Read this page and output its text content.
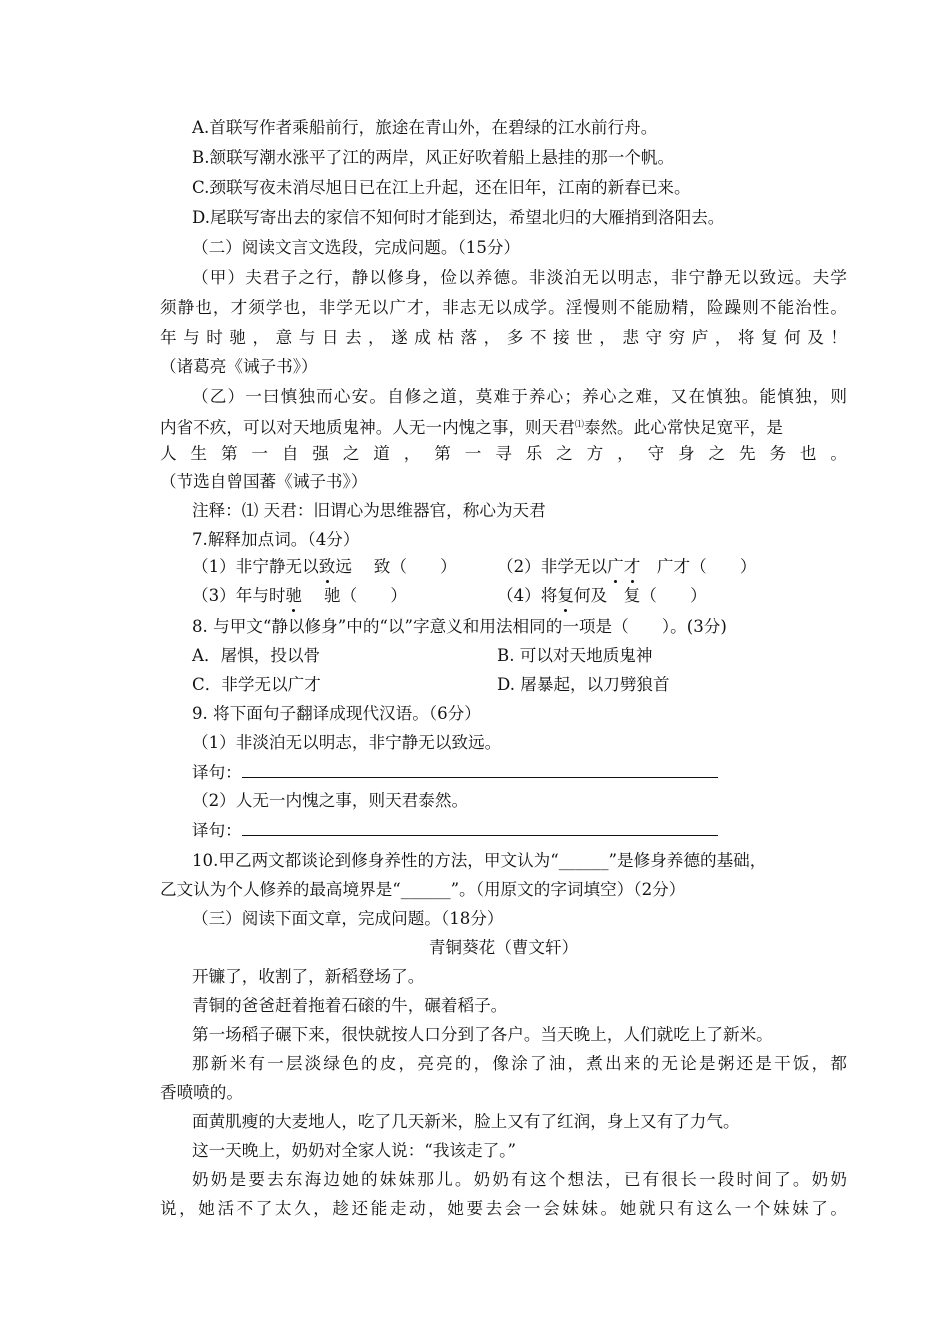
A.首联写作者乘船前行，旅途在青山外，在碧绿的江水前行舟。
B.颔联写潮水涨平了江的两岸，风正好吹着船上悬挂的那一个帆。
C.颈联写夜未消尽旭日已在江上升起，还在旧年，江南的新春已来。
D.尾联写寄出去的家信不知何时才能到达，希望北归的大雁捎到洛阳去。
（二）阅读文言文选段，完成问题。（15分）
（甲）夫君子之行，静以修身，俭以养德。非淡泊无以明志，非宁静无以致远。夫学
须静也，才须学也，非学无以广才，非志无以成学。淫慢则不能励精，险躁则不能治性。
年与时驰，意与日去，遂成枯落，多不接世，悲守穷庐，将复何及！
（诸葛亮《诫子书》）
（乙）一曰慎独而心安。自修之道，莫难于养心；养心之难，又在慎独。能慎独，则
内省不疚，可以对天地质鬼神。人无一内愧之事，则天君⑴泰然。此心常快足宽平，是
人生第一自强之道，第一寻乐之方，守身之先务也。
（节选自曾国蕃《诫子书》）
注释：⑴ 天君：旧谓心为思维器官，称心为天君
7.解释加点词。（4分）
（1）非宁静无以致远　 致（　　） （2）非学无以广才　广才（　　）
（3）年与时驰　 驰（　　）	（4）将复何及　复（　　）
8. 与甲文“静以修身”中的“以”字意义和用法相同的一项是（　　）。(3分)
A．屠惧，投以骨	B. 可以对天地质鬼神
C．非学无以广才	D. 屠暴起，以刀劈狼首
9. 将下面句子翻译成现代汉语。（6分）
（1）非淡泊无以明志，非宁静无以致远。
译句：
（2）人无一内愧之事，则天君泰然。
译句：
10.甲乙两文都谈论到修身养性的方法，甲文认为“______”是修身养德的基础，
乙文认为个人修养的最高境界是“______”。（用原文的字词填空）（2分）
（三）阅读下面文章，完成问题。（18分）
青铜葵花（曹文轩）
开镰了，收割了，新稻登场了。
青铜的爸爸赶着拖着石磙的牛，碾着稻子。
第一场稻子碾下来，很快就按人口分到了各户。当天晚上，人们就吃上了新米。
那新米有一层淡绿色的皮，亮亮的，像涂了油，煮出来的无论是粥还是干饭，都
香喷喷的。
面黄肌瘦的大麦地人，吃了几天新米，脸上又有了红润，身上又有了力气。
这一天晚上，奶奶对全家人说：“我该走了。”
奶奶是要去东海边她的妹妹那儿。奶奶有这个想法，已有很长一段时间了。奶奶
说，她活不了太久，趁还能走动，她要去会一会妹妹。她就只有这么一个妹妹了。
